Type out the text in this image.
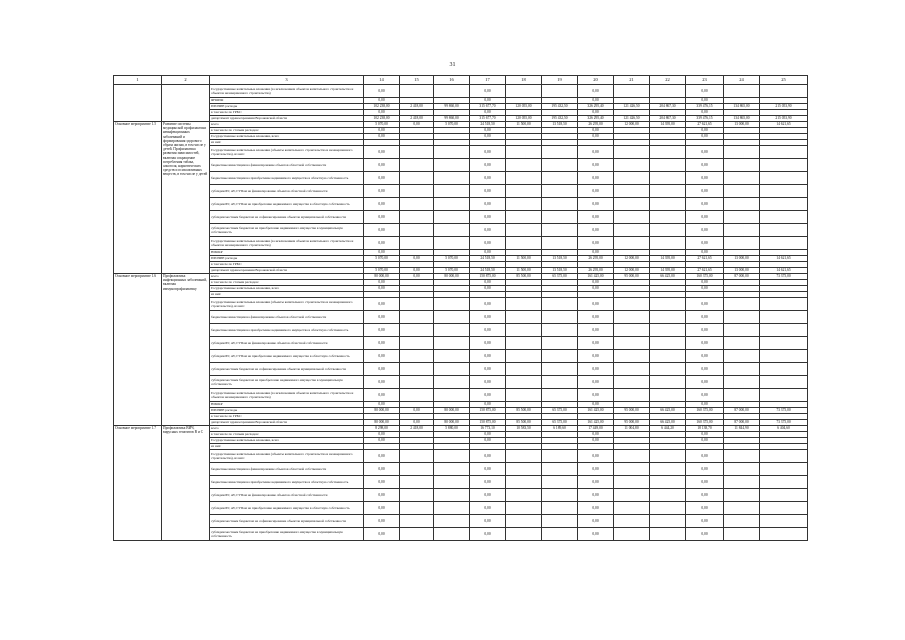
31
1	2	3	14	15	16	17	18	19	20	21	22	23	24	25
		Государственные капитальные вложения (за исключением объектов капитального строительства и объектов незавершенного строительства)	0,00			0,00			0,00			0,00		
		ЯНОИФ	0,00			0,00			0,00			0,00		
		ПРОЧИЕ расходы	102 238,00	2 418,00	99 860,00	315 677,70	120 055,00	195 432,50	326 295,40	121 426,50	204 867,30	339 476,15	134 865,00	215 053,90
		в том числе по ГРБС:	0,00			0,00			0,00			0,00		
		департамент здравоохранения Воронежской области	102 238,00	2 418,00	99 860,00	315 677,70	120 055,00	195 432,50	326 295,40	121 426,50	204 867,30	339 476,15	134 865,00	215 053,90
Основное мероприятие 1.5	Развитие системы медицинской профилактики неинфекционных заболеваний и формирования здорового образа жизни, в том числе у детей. Профилактика развития зависимостей, включая сокращение потребления табака, алкоголя, наркотических средств и психоактивных веществ, в том числе у детей	всего	5 070,00	0,00	5 070,00	24 518,50	11 500,00	13 518,50	26 295,00	12 000,00	14 395,00	27 621,65	13 000,00	14 621,65
		в том числе по статьям расходов:	0,00			0,00			0,00			0,00		
		Государственные капитальные вложения, всего	0,00			0,00			0,00			0,00		
		из них:												
		Государственные капитальные вложения (объекты капитального строительства и незавершенного строительства), из них:	0,00			0,00			0,00			0,00		
		бюджетные инвестиции на финансирование объектов областной собственности	0,00			0,00			0,00			0,00		
		бюджетные инвестиции на приобретение недвижимого имущества в областную собственность	0,00			0,00			0,00			0,00		
		субсидии БУ, АУ, ГУПам на финансирование объектов областной собственности	0,00			0,00			0,00			0,00		
		субсидии БУ, АУ, ГУПам на приобретение недвижимого имущества в областную собственность	0,00			0,00			0,00			0,00		
		субсидии местным бюджетам на софинансирование объектов муниципальной собственности	0,00			0,00			0,00			0,00		
		субсидии местным бюджетам на приобретение недвижимого имущества в муниципальную собственность	0,00			0,00			0,00			0,00		
		Государственные капитальные вложения (за исключением объектов капитального строительства и объектов незавершенного строительства)	0,00			0,00			0,00			0,00		
		НИОКР	0,00			0,00			0,00			0,00		
		ПРОЧИЕ расходы	5 070,00	0,00	5 070,00	24 518,50	11 500,00	13 518,50	26 295,00	12 000,00	14 395,00	27 621,65	13 000,00	14 621,65
		в том числе по ГРБС:												
		департамент здравоохранения Воронежской области	5 070,00	0,00	5 070,00	24 518,50	11 500,00	13 518,50	26 295,00	12 000,00	14 395,00	27 621,65	13 000,00	14 621,65
Основное мероприятие 1.6	Профилактика инфекционных заболеваний, включая иммунопрофилактику	всего	80 000,00	0,00	80 000,00	150 875,00	85 500,00	65 375,00	161 425,00	95 000,00	66 425,00	160 375,00	87 000,00	73 375,00
		в том числе по статьям расходов:	0,00			0,00			0,00			0,00		
		Государственные капитальные вложения, всего	0,00			0,00			0,00			0,00		
		из них:												
		Государственные капитальные вложения (объекты капитального строительства и незавершенного строительства), из них:	0,00			0,00			0,00			0,00		
		бюджетные инвестиции на финансирование объектов областной собственности	0,00			0,00			0,00			0,00		
		бюджетные инвестиции на приобретение недвижимого имущества в областную собственность	0,00			0,00			0,00			0,00		
		субсидии БУ, АУ, ГУПам на финансирование объектов областной собственности	0,00			0,00			0,00			0,00		
		субсидии БУ, АУ, ГУПам на приобретение недвижимого имущества в областную собственность	0,00			0,00			0,00			0,00		
		субсидии местным бюджетам на софинансирование объектов муниципальной собственности	0,00			0,00			0,00			0,00		
		субсидии местным бюджетам на приобретение недвижимого имущества в муниципальную собственность	0,00			0,00			0,00			0,00		
		Государственные капитальные вложения (за исключением объектов капитального строительства и объектов незавершенного строительства)	0,00			0,00			0,00			0,00		
		НИОКР	0,00			0,00			0,00			0,00		
		ПРОЧИЕ расходы	80 000,00	0,00	80 000,00	150 875,00	85 500,00	65 375,00	161 425,00	95 000,00	66 425,00	160 375,00	87 000,00	73 375,00
		в том числе по ГРБС:												
		департамент здравоохранения Воронежской области	80 000,00	0,00	80 000,00	150 875,00	85 500,00	65 375,00	161 425,00	95 000,00	66 425,00	160 375,00	87 000,00	73 375,00
Основное мероприятие 1.7	Профилактика ВИЧ, вирусных гепатитов В и С	всего	8 298,00	2 418,00	5 880,00	16 773,10	10 583,50	6 189,60	17 449,00	11 004,80	6 444,20	18 138,70	11 844,90	6 404,60
		в том числе по статьям расходов:	0,00			0,00			0,00			0,00		
		Государственные капитальные вложения, всего	0,00			0,00			0,00			0,00		
		из них:												
		Государственные капитальные вложения (объекты капитального строительства и незавершенного строительства), из них:	0,00			0,00			0,00			0,00		
		бюджетные инвестиции на финансирование объектов областной собственности	0,00			0,00			0,00			0,00		
		бюджетные инвестиции на приобретение недвижимого имущества в областную собственность	0,00			0,00			0,00			0,00		
		субсидии БУ, АУ, ГУПам на финансирование объектов областной собственности	0,00			0,00			0,00			0,00		
		субсидии БУ, АУ, ГУПам на приобретение недвижимого имущества в областную собственность	0,00			0,00			0,00			0,00		
		субсидии местным бюджетам на софинансирование объектов муниципальной собственности	0,00			0,00			0,00			0,00		
		субсидии местным бюджетам на приобретение недвижимого имущества в муниципальную собственность	0,00			0,00			0,00			0,00		
